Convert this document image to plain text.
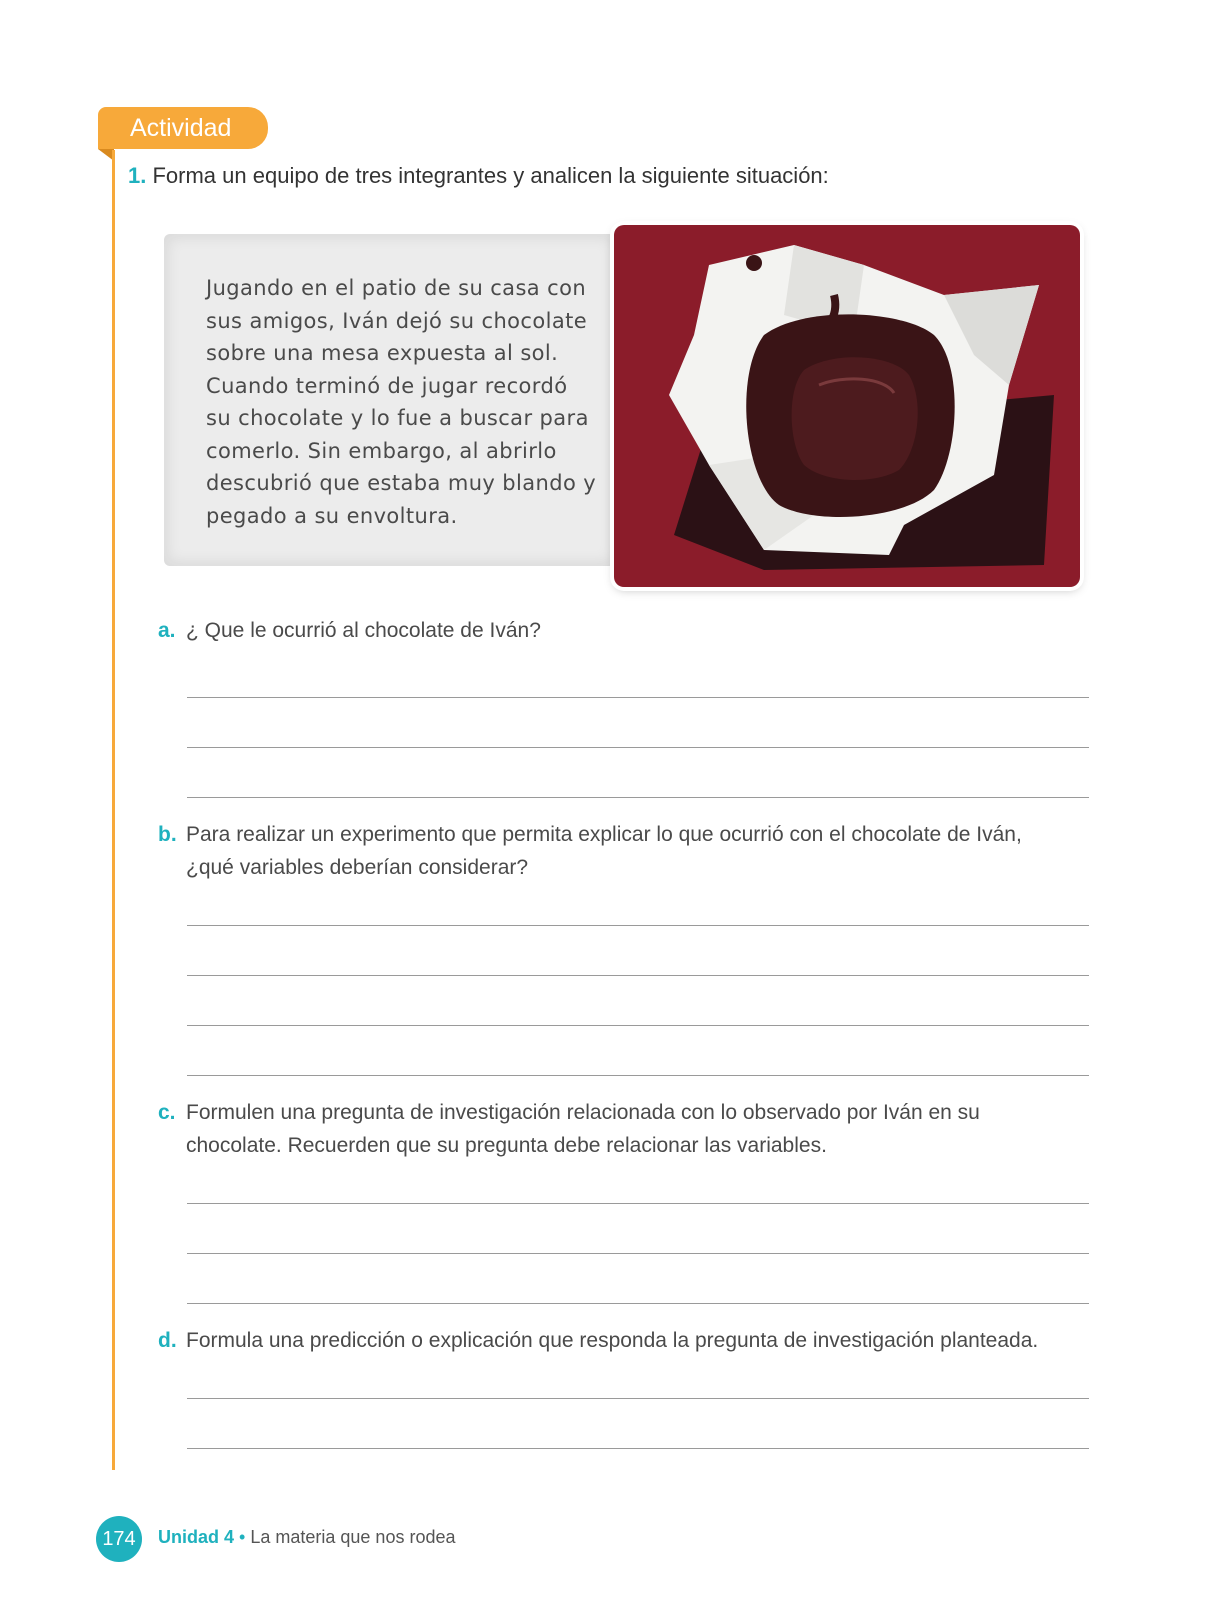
Actividad
1. Forma un equipo de tres integrantes y analicen la siguiente situación:

Jugando en el patio de su casa con
sus amigos, Iván dejó su chocolate
sobre una mesa expuesta al sol.
Cuando terminó de jugar recordó
su chocolate y lo fue a buscar para
comerlo. Sin embargo, al abrirlo
descubrió que estaba muy blando y
pegado a su envoltura.

a. ¿ Que le ocurrió al chocolate de Iván?
b. Para realizar un experimento que permita explicar lo que ocurrió con el chocolate de Iván,
¿qué variables deberían considerar?
c. Formulen una pregunta de investigación relacionada con lo observado por Iván en su
chocolate. Recuerden que su pregunta debe relacionar las variables.
d. Formula una predicción o explicación que responda la pregunta de investigación planteada.
174	Unidad 4 • La materia que nos rodea
